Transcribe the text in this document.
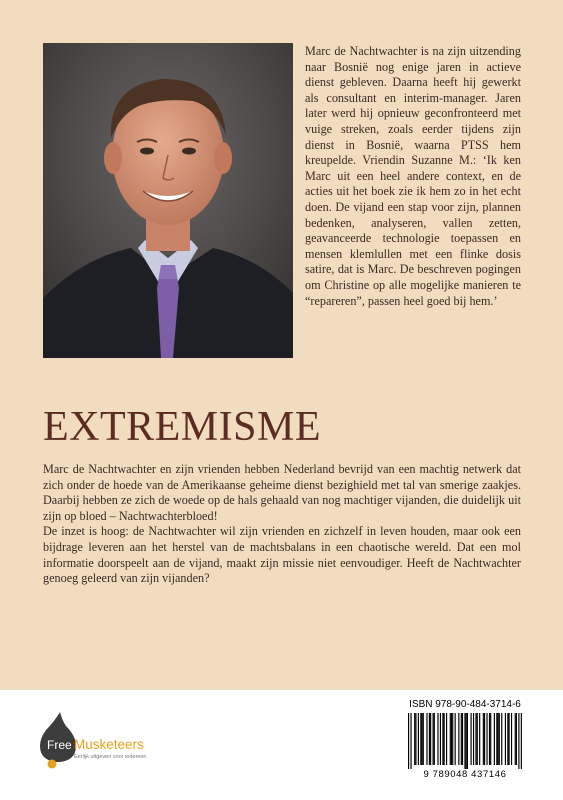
Marc de Nachtwachter is na zijn uitzending naar Bosnië nog enige jaren in actieve dienst gebleven. Daarna heeft hij gewerkt als consultant en interim-manager. Jaren later werd hij opnieuw geconfronteerd met vuige streken, zoals eerder tijdens zijn dienst in Bosnië, waarna PTSS hem kreupelde. Vriendin Suzanne M.: ‘Ik ken Marc uit een heel andere context, en de acties uit het boek zie ik hem zo in het echt doen. De vijand een stap voor zijn, plannen bedenken, analyseren, vallen zetten, geavanceerde technologie toepassen en mensen klemlullen met een flinke dosis satire, dat is Marc. De beschreven pogingen om Christine op alle mogelijke manieren te “repareren”, passen heel goed bij hem.’

EXTREMISME

Marc de Nachtwachter en zijn vrienden hebben Nederland bevrijd van een machtig netwerk dat zich onder de hoede van de Amerikaanse geheime dienst bezighield met tal van smerige zaakjes. Daarbij hebben ze zich de woede op de hals gehaald van nog machtiger vijanden, die duidelijk uit zijn op bloed – Nachtwachterbloed!

De inzet is hoog: de Nachtwachter wil zijn vrienden en zichzelf in leven houden, maar ook een bijdrage leveren aan het herstel van de machtsbalans in een chaotische wereld. Dat een mol informatie doorspeelt aan de vijand, maakt zijn missie niet eenvoudiger. Heeft de Nachtwachter genoeg geleerd van zijn vijanden?

Free Musketeers
Eerlijk uitgeven voor iedereen
ISBN 978-90-484-3714-6
9 789048 437146
